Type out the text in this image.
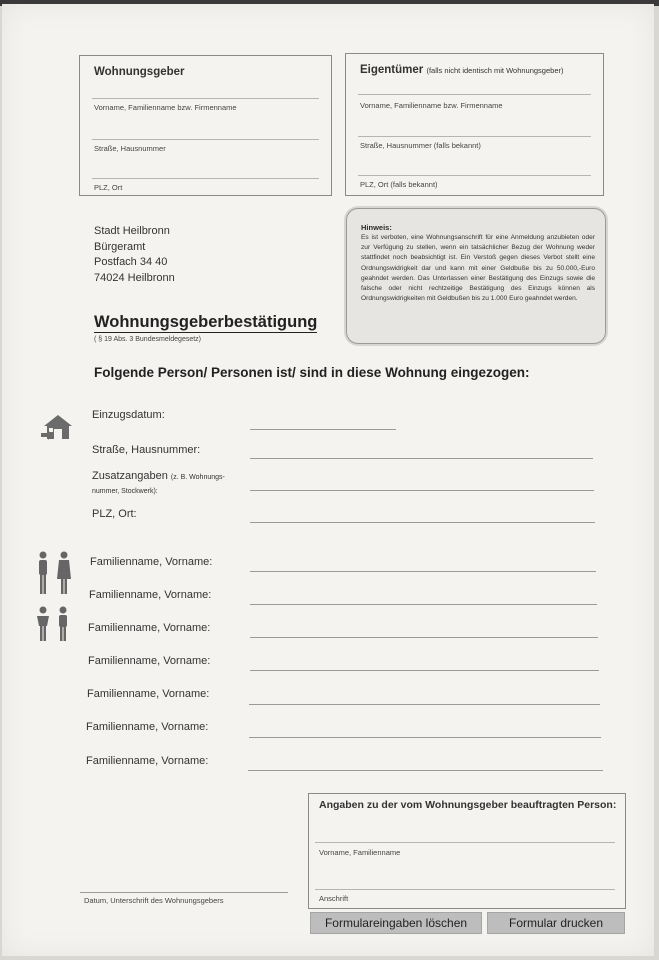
Wohnungsgeber
Vorname, Familienname bzw. Firmenname
Straße, Hausnummer
PLZ, Ort
Eigentümer (falls nicht identisch mit Wohnungsgeber)
Vorname, Familienname bzw. Firmenname
Straße, Hausnummer (falls bekannt)
PLZ, Ort (falls bekannt)
Stadt Heilbronn
Bürgeramt
Postfach 34 40
74024 Heilbronn
Hinweis:
Es ist verboten, eine Wohnungsanschrift für eine Anmeldung anzubieten oder zur Verfügung zu stellen, wenn ein tatsächlicher Bezug der Wohnung weder stattfindet noch beabsichtigt ist. Ein Verstoß gegen dieses Verbot stellt eine Ordnungswidrigkeit dar und kann mit einer Geldbuße bis zu 50.000,-Euro geahndet werden. Das Unterlassen einer Bestätigung des Einzugs sowie die falsche oder nicht rechtzeitige Bestätigung des Einzugs können als Ordnungswidrigkeiten mit Geldbußen bis zu 1.000 Euro geahndet werden.
Wohnungsgeberbestätigung
( § 19 Abs. 3 Bundesmeldegesetz)
Folgende Person/ Personen ist/ sind in diese Wohnung eingezogen:
Einzugsdatum:
Straße, Hausnummer:
Zusatzangaben (z. B. Wohnungs-
nummer, Stockwerk):
PLZ, Ort:
Familienname, Vorname:
Familienname, Vorname:
Familienname, Vorname:
Familienname, Vorname:
Familienname, Vorname:
Familienname, Vorname:
Familienname, Vorname:
Angaben zu der vom Wohnungsgeber beauftragten Person:
Vorname, Familienname
Anschrift
Datum, Unterschrift des Wohnungsgebers
Formulareingaben löschen	Formular drucken
